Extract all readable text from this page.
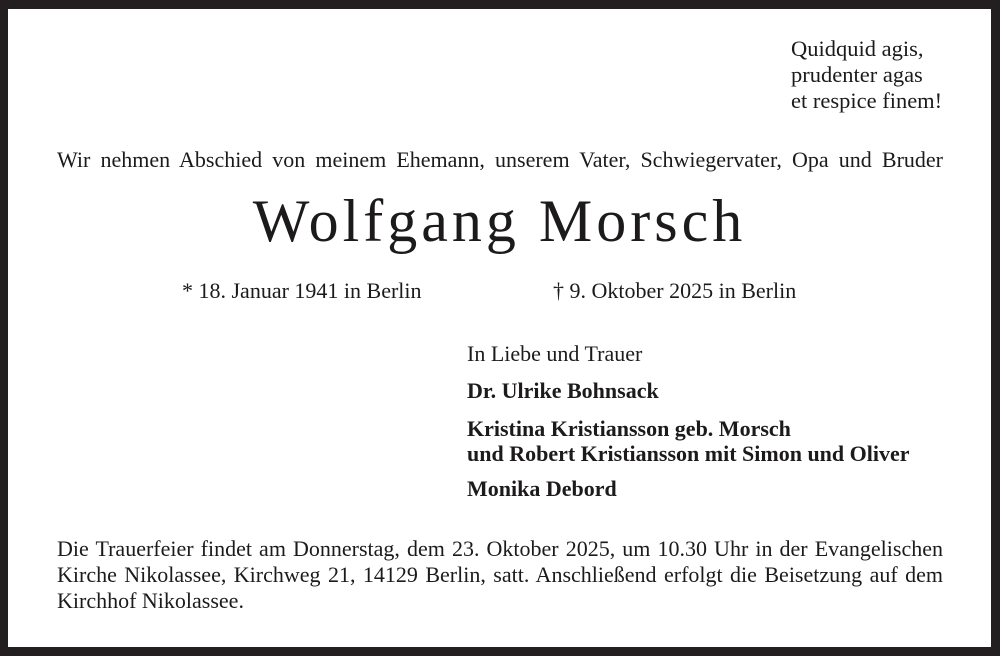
Quidquid agis,
prudenter agas
et respice finem!
Wir nehmen Abschied von meinem Ehemann, unserem Vater, Schwiegervater, Opa und Bruder
Wolfgang Morsch
* 18. Januar 1941 in Berlin	† 9. Oktober 2025 in Berlin
In Liebe und Trauer
Dr. Ulrike Bohnsack
Kristina Kristiansson geb. Morsch
und Robert Kristiansson mit Simon und Oliver
Monika Debord
Die Trauerfeier findet am Donnerstag, dem 23. Oktober 2025, um 10.30 Uhr in der Evangelischen
Kirche Nikolassee, Kirchweg 21, 14129 Berlin, satt. Anschließend erfolgt die Beisetzung auf dem
Kirchhof Nikolassee.
